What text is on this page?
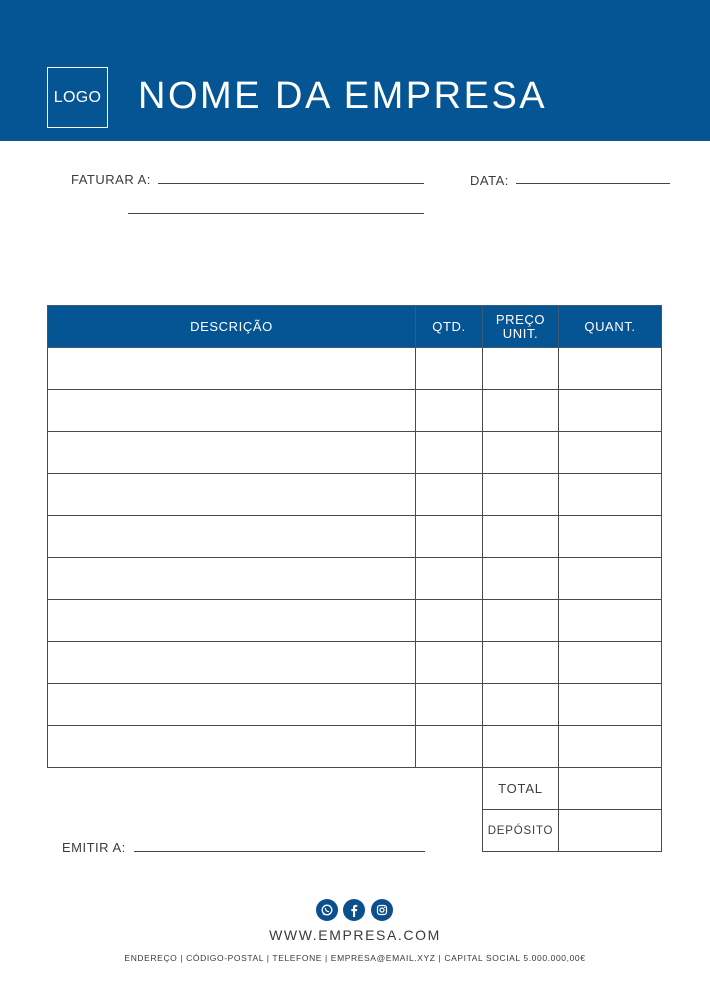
LOGO NOME DA EMPRESA
FATURAR A:	DATA:
DESCRIÇÃO	QTD.	PREÇO UNIT.	QUANT.

EMITIR A:
TOTAL	
DEPÓSITO	
WWW.EMPRESA.COM
ENDEREÇO | CÓDIGO-POSTAL | TELEFONE | EMPRESA@EMAIL.XYZ | CAPITAL SOCIAL 5.000.000,00€
